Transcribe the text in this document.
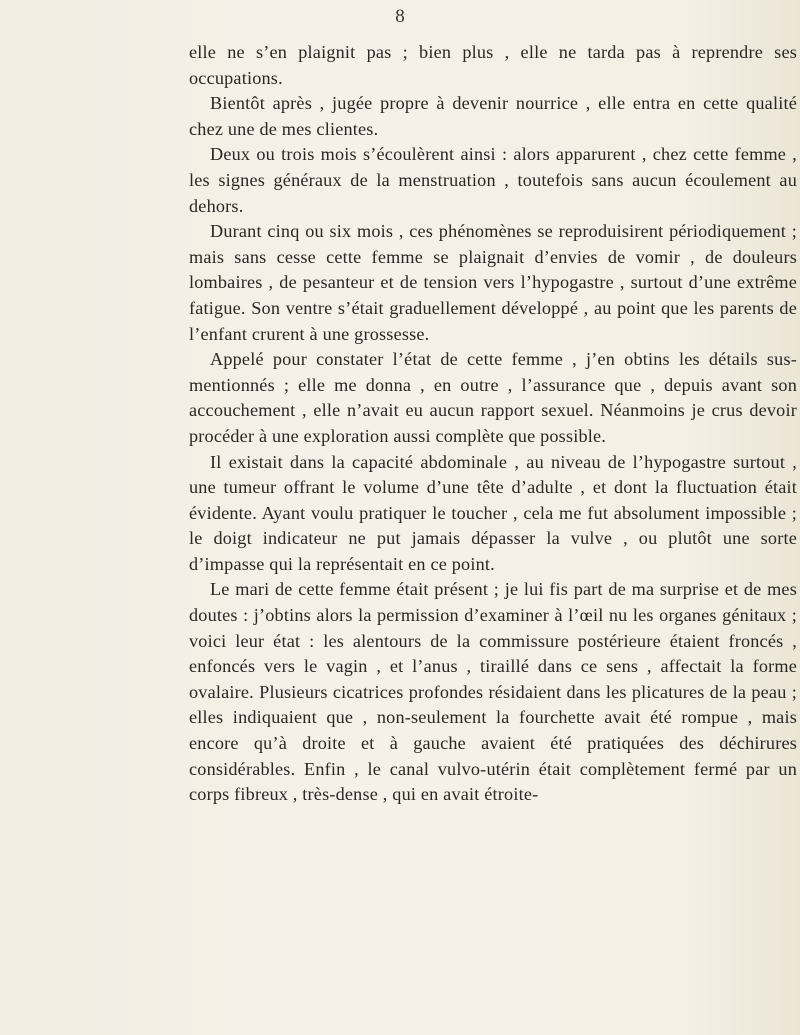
8

elle ne s’en plaignit pas ; bien plus , elle ne tarda pas à reprendre ses occupations.

Bientôt après , jugée propre à devenir nourrice , elle entra en cette qualité chez une de mes clientes.

Deux ou trois mois s’écoulèrent ainsi : alors apparurent , chez cette femme , les signes généraux de la menstruation , toutefois sans aucun écoulement au dehors.

Durant cinq ou six mois , ces phénomènes se reproduisirent périodiquement ; mais sans cesse cette femme se plaignait d’envies de vomir , de douleurs lombaires , de pesanteur et de tension vers l’hypogastre , surtout d’une extrême fatigue. Son ventre s’était graduellement développé , au point que les parents de l’enfant crurent à une grossesse.

Appelé pour constater l’état de cette femme , j’en obtins les détails sus-mentionnés ; elle me donna , en outre , l’assurance que , depuis avant son accouchement , elle n’avait eu aucun rapport sexuel. Néanmoins je crus devoir procéder à une exploration aussi complète que possible.

Il existait dans la capacité abdominale , au niveau de l’hypogastre surtout , une tumeur offrant le volume d’une tête d’adulte , et dont la fluctuation était évidente. Ayant voulu pratiquer le toucher , cela me fut absolument impossible ; le doigt indicateur ne put jamais dépasser la vulve , ou plutôt une sorte d’impasse qui la représentait en ce point.

Le mari de cette femme était présent ; je lui fis part de ma surprise et de mes doutes : j’obtins alors la permission d’examiner à l’œil nu les organes génitaux ; voici leur état : les alentours de la commissure postérieure étaient froncés , enfoncés vers le vagin , et l’anus , tiraillé dans ce sens , affectait la forme ovalaire. Plusieurs cicatrices profondes résidaient dans les plicatures de la peau ; elles indiquaient que , non-seulement la fourchette avait été rompue , mais encore qu’à droite et à gauche avaient été pratiquées des déchirures considérables. Enfin , le canal vulvo-utérin était complètement fermé par un corps fibreux , très-dense , qui en avait étroite-
